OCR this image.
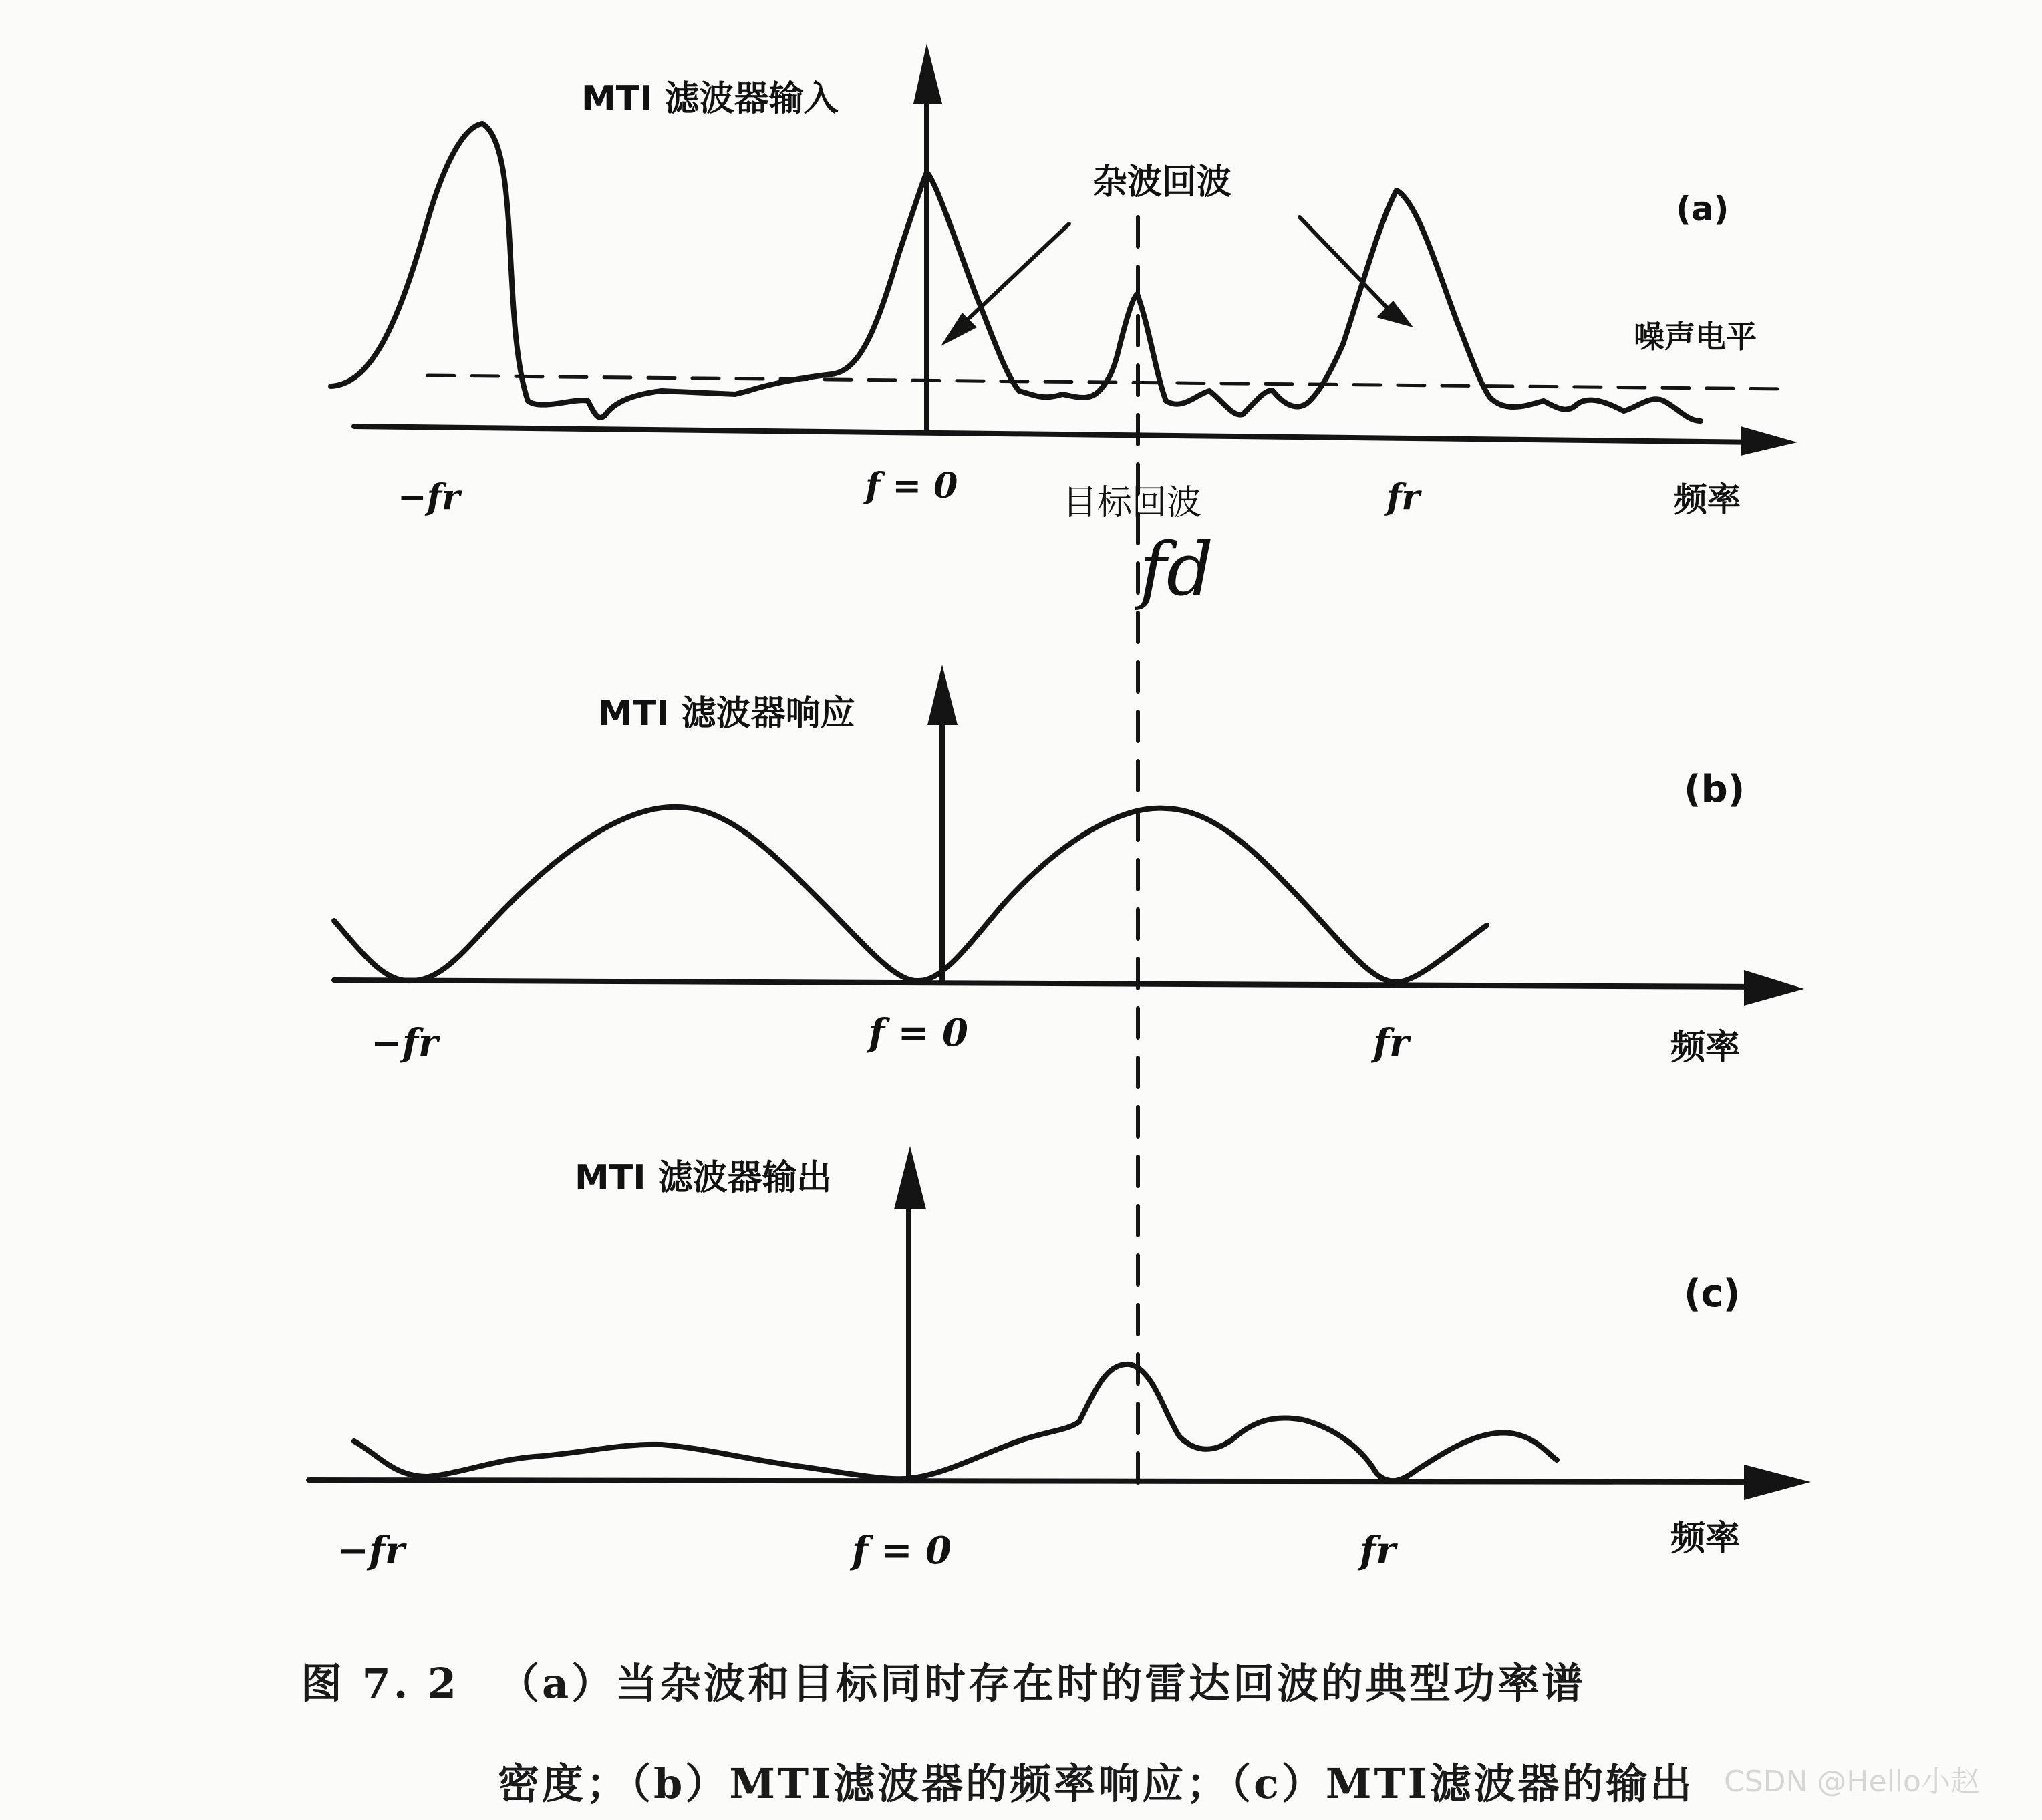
MTI 滤波器输入
(a)
杂波回波
噪声电平
目标回波
fd
−fr	f = 0	fr	频率
MTI 滤波器响应
(b)
−fr	f = 0	fr	频率
MTI 滤波器输出
(c)
−fr	f = 0	fr	频率
图 7. 2 （a）当杂波和目标同时存在时的雷达回波的典型功率谱
密度；（b）MTI滤波器的频率响应；（c）MTI滤波器的输出 CSDN @Hello小赵
